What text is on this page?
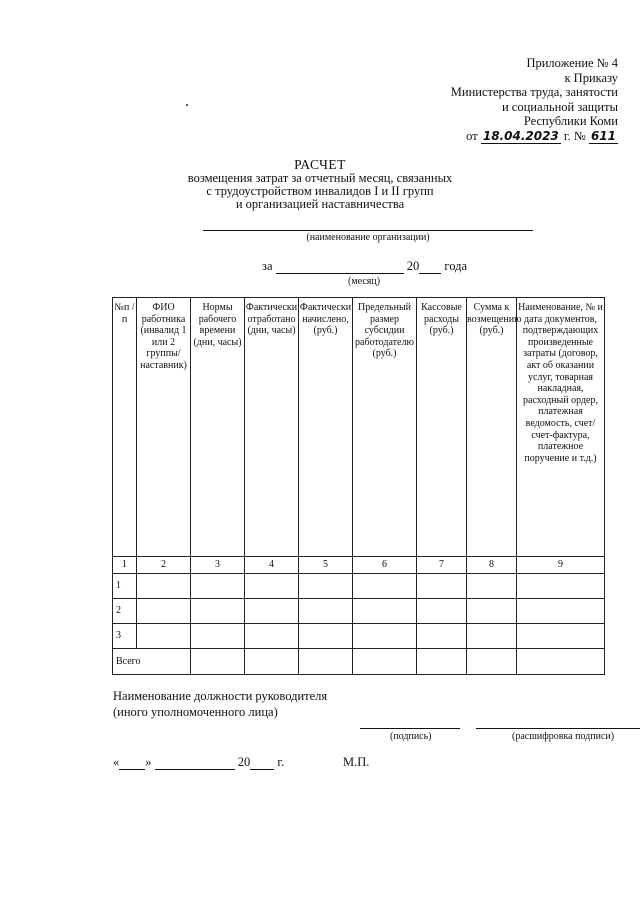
Приложение № 4
к Приказу
Министерства труда, занятости
и социальной защиты
Республики Коми
от 18.04.2023 г. № 611
РАСЧЕТ
возмещения затрат за отчетный месяц, связанных
с трудоустройством инвалидов I и II групп
и организацией наставничества
(наименование организации)
за	20 года
(месяц)
№п /п	ФИО работника (инвалид 1 или 2 группы/ наставник)	Нормы рабочего времени (дни, часы)	Фактически отработано (дни, часы)	Фактически начислено, (руб.)	Предельный размер субсидии работодателю (руб.)	Кассовые расходы (руб.)	Сумма к возмещению (руб.)	Наименование, № и дата документов, подтверждающих произведенные затраты (договор, акт об оказании услуг, товарная накладная, расходный ордер, платежная ведомость, счет/счет-фактура, платежное поручение и т.д.)
1	2	3	4	5	6	7	8	9
1								
2								
3								
Всего								
Наименование должности руководителя
(иного уполномоченного лица)
(подпись)	(расшифровка подписи)
« »	20 г.	М.П.
